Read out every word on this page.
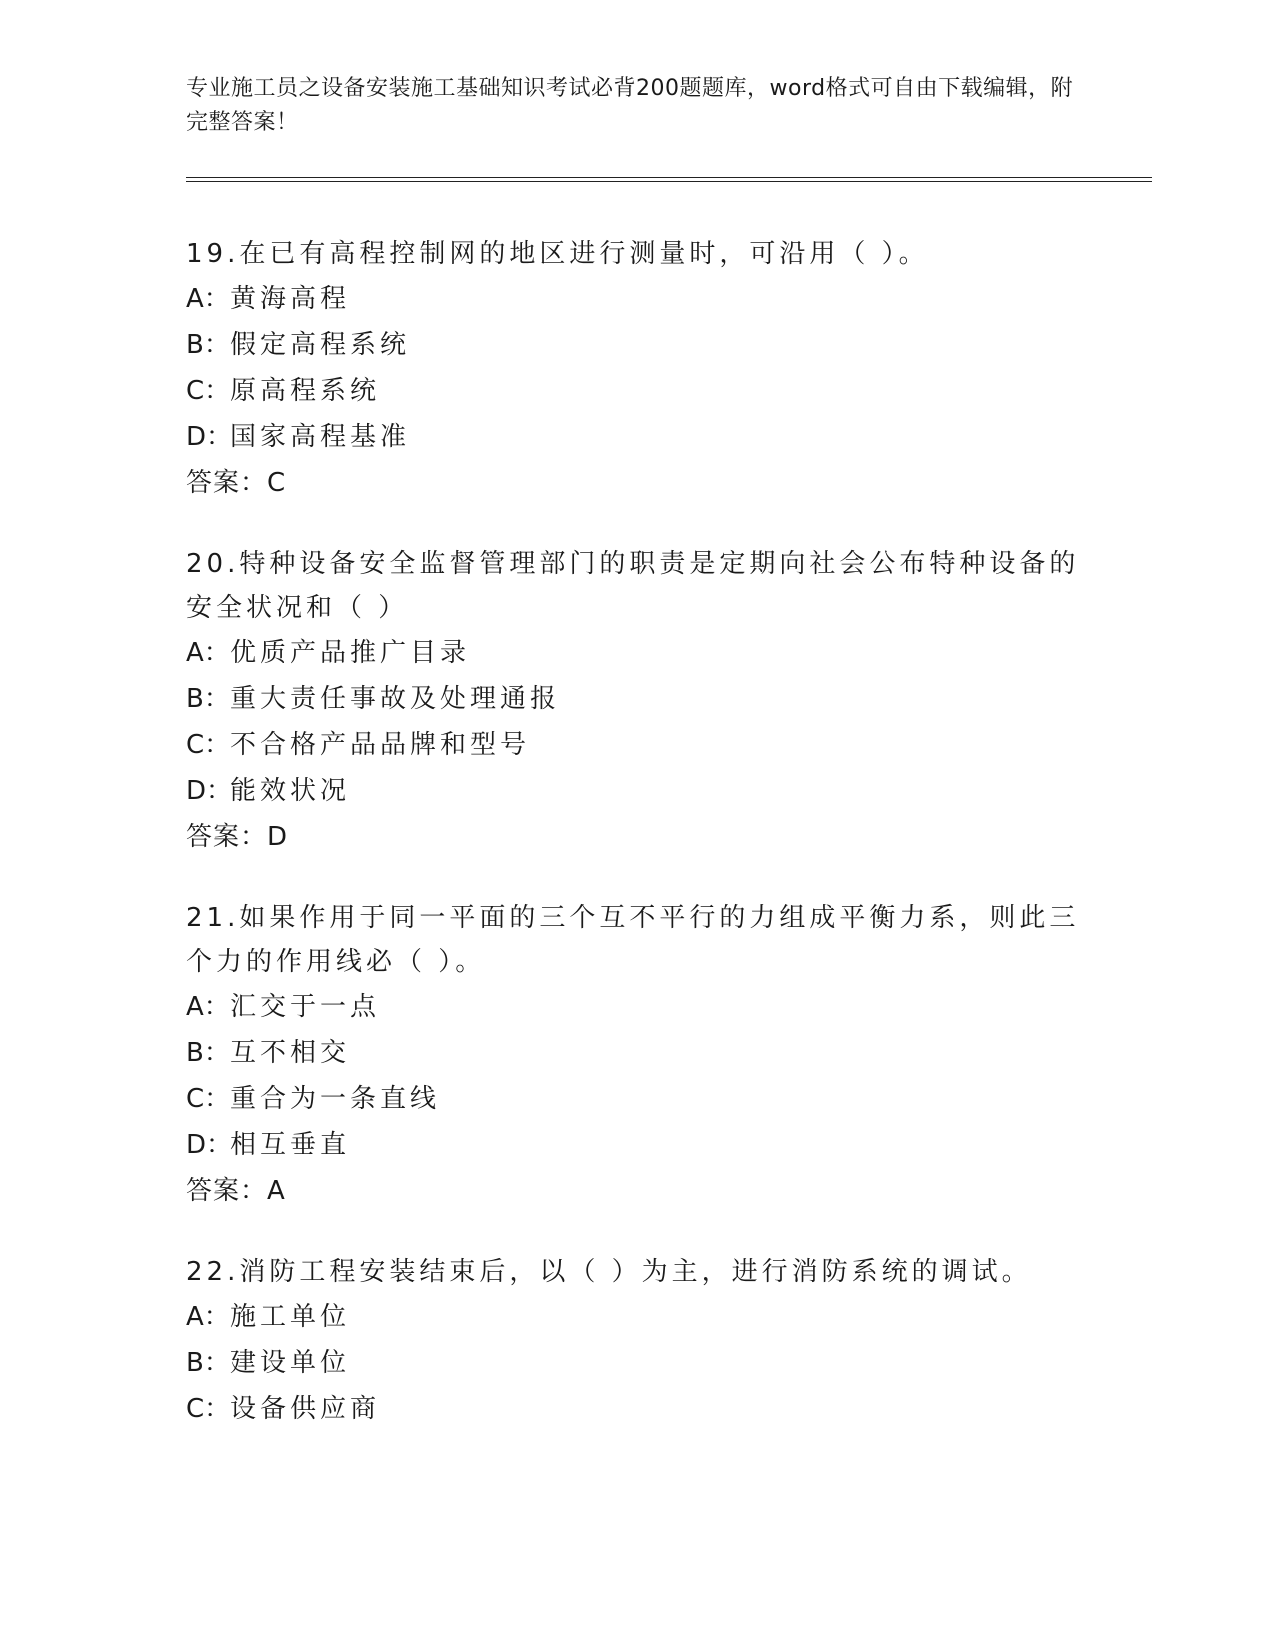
专业施工员之设备安装施工基础知识考试必背200题题库，word格式可自由下载编辑，附完整答案！

19.在已有高程控制网的地区进行测量时，可沿用（ ）。

A：黄海高程

B：假定高程系统

C：原高程系统

D：国家高程基准

答案：C

20.特种设备安全监督管理部门的职责是定期向社会公布特种设备的安全状况和（ ）

A：优质产品推广目录

B：重大责任事故及处理通报

C：不合格产品品牌和型号

D：能效状况

答案：D

21.如果作用于同一平面的三个互不平行的力组成平衡力系，则此三个力的作用线必（ ）。

A：汇交于一点

B：互不相交

C：重合为一条直线

D：相互垂直

答案：A

22.消防工程安装结束后，以（ ）为主，进行消防系统的调试。

A：施工单位

B：建设单位

C：设备供应商
